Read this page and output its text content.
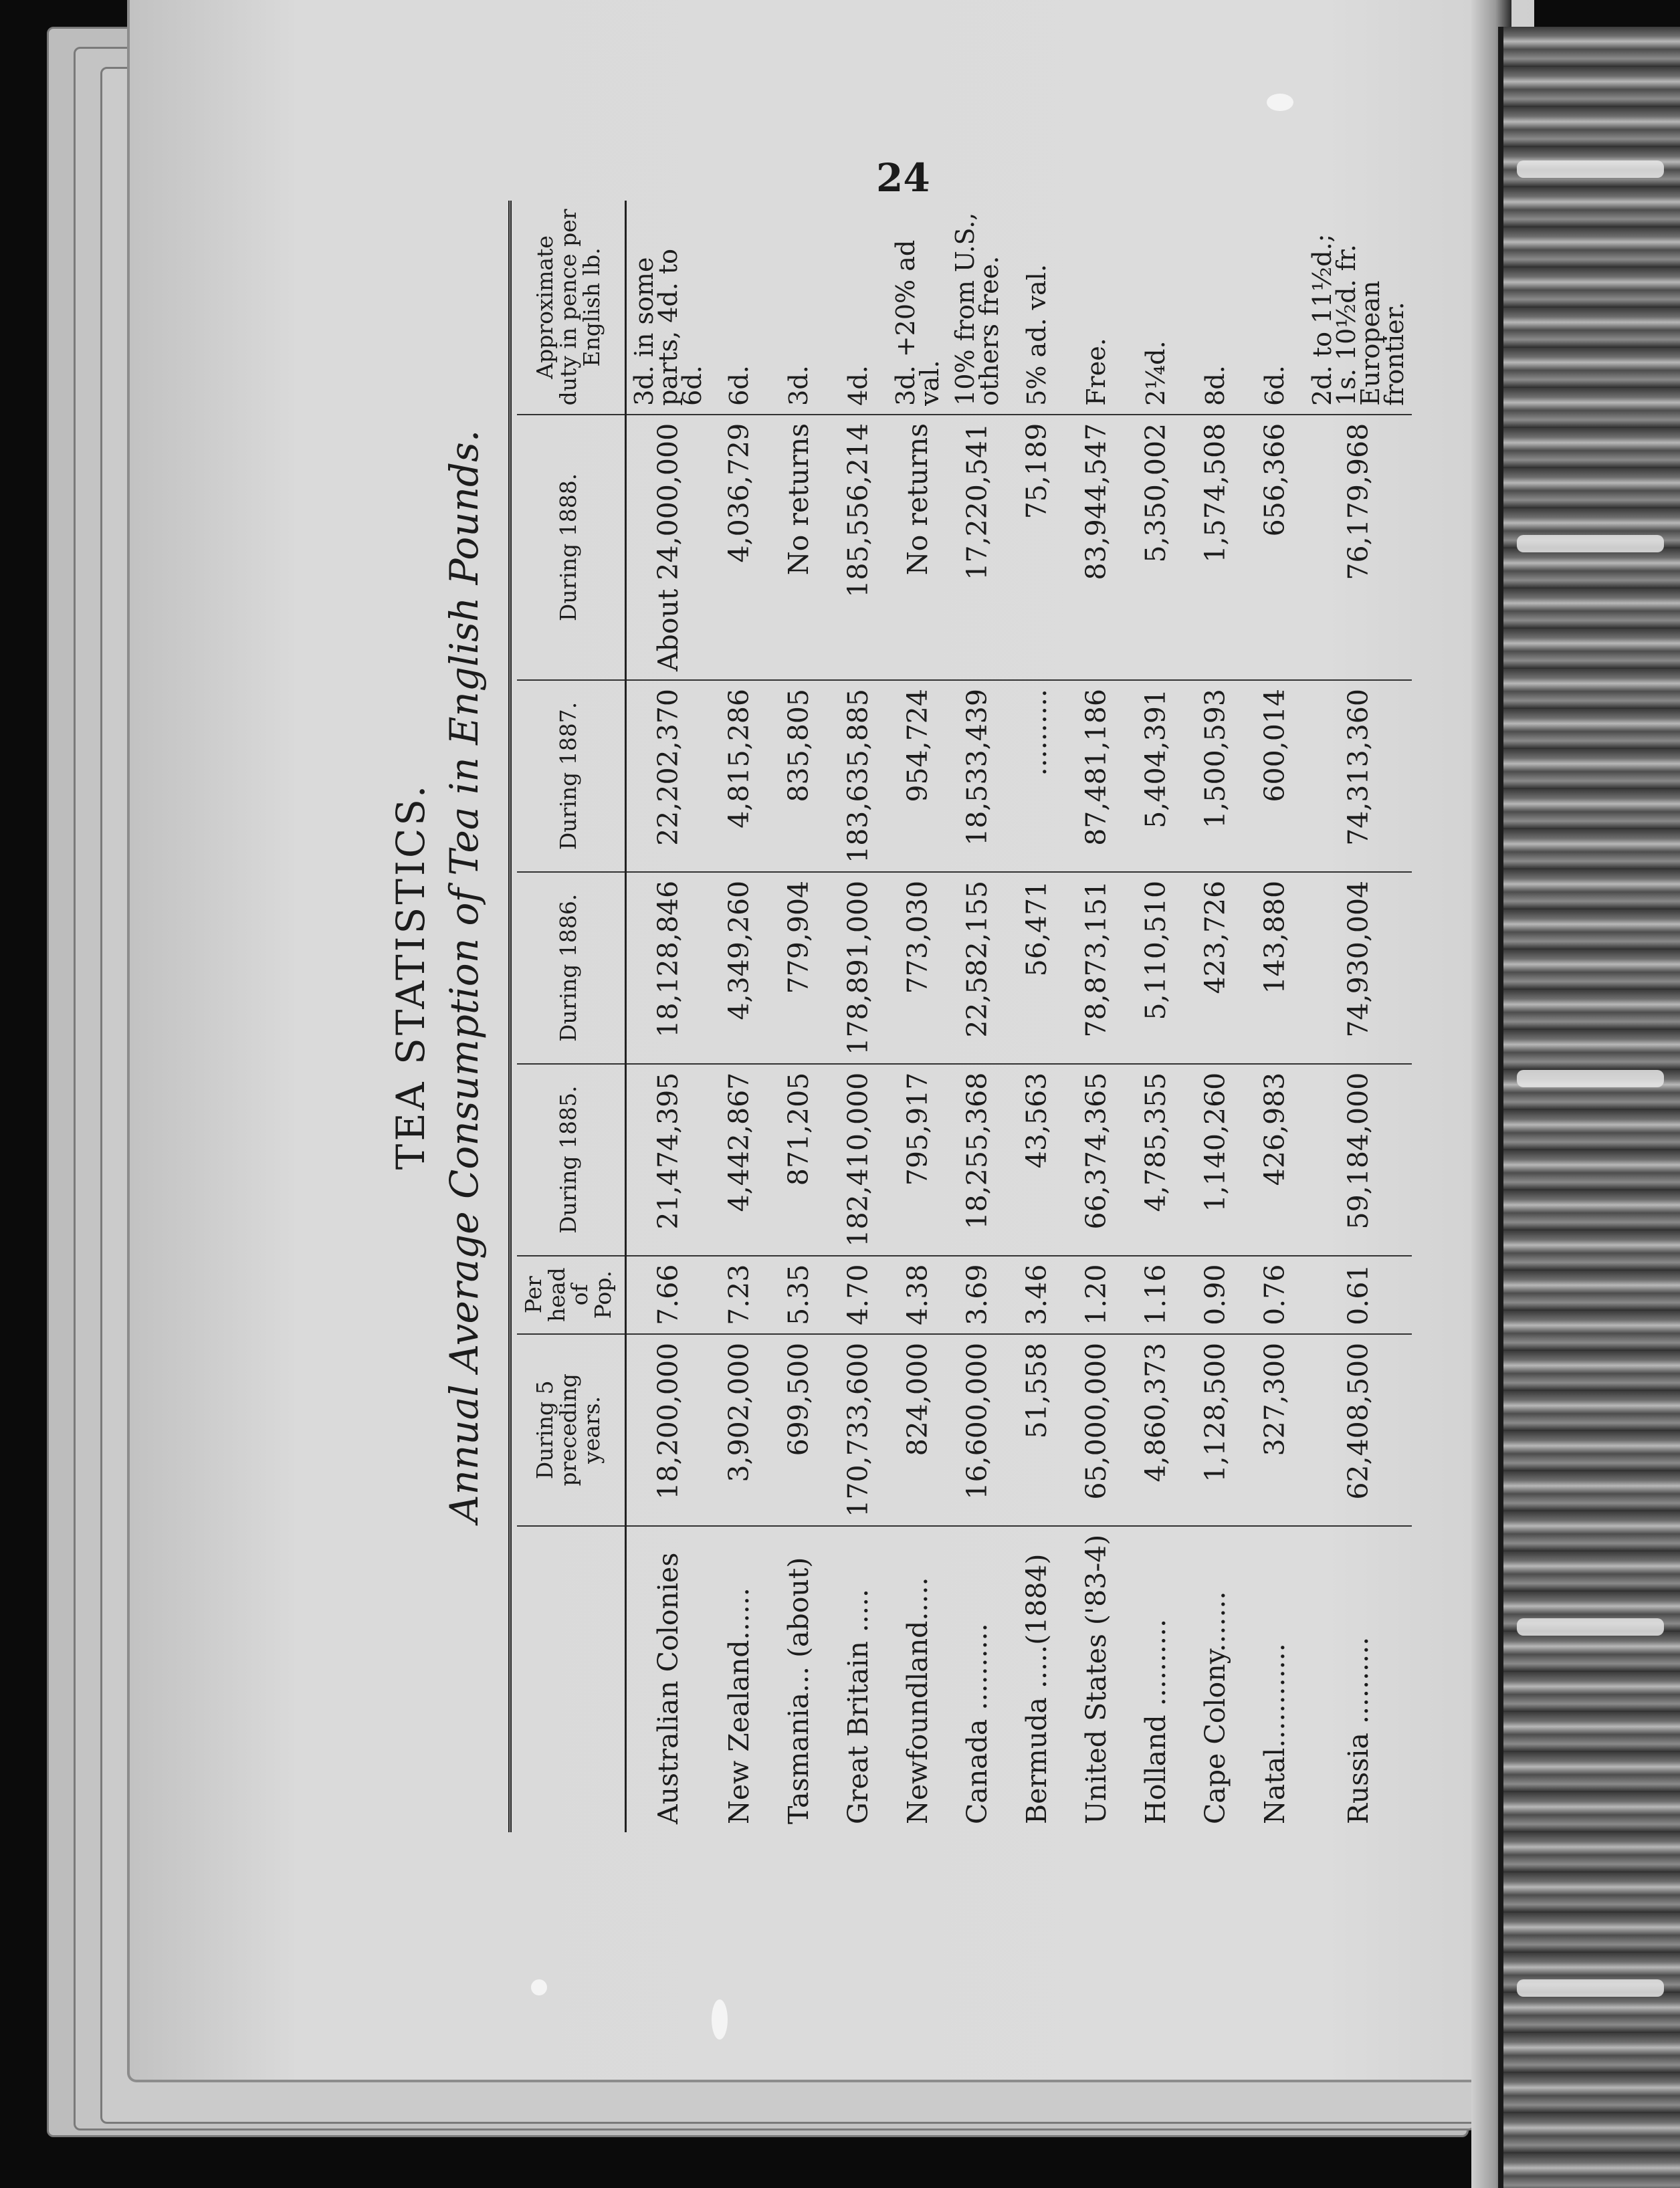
24
TEA STATISTICS. Annual Average Consumption of Tea in English Pounds.
	During 5 preceding years.	Per head of Pop.	During 1885.	During 1886.	During 1887.	During 1888.	Approximate duty in pence per English lb.
Australian Colonies	18,200,000	7.66	21,474,395	18,128,846	22,202,370	About 24,000,000	3d. in some parts, 4d. to 6d.
New Zealand......	3,902,000	7.23	4,442,867	4,349,260	4,815,286	4,036,729	6d.
Tasmania... (about)	699,500	5.35	871,205	779,904	835,805	No returns	3d.
Great Britain .....	170,733,600	4.70	182,410,000	178,891,000	183,635,885	185,556,214	4d.
Newfoundland.....	824,000	4.38	795,917	773,030	954,724	No returns	3d. +20% ad val.
Canada ..........	16,600,000	3.69	18,255,368	22,582,155	18,533,439	17,220,541	10% from U.S., others free.
Bermuda .....(1884)	51,558	3.46	43,563	56,471	..........	75,189	5% ad. val.
United States ('83-4)	65,000,000	1.20	66,374,365	78,873,151	87,481,186	83,944,547	Free.
Holland ..........	4,860,373	1.16	4,785,355	5,110,510	5,404,391	5,350,002	2¼d.
Cape Colony.......	1,128,500	0.90	1,140,260	423,726	1,500,593	1,574,508	8d.
Natal............	327,300	0.76	426,983	143,880	600,014	656,366	6d.
Russia ..........	62,408,500	0.61	59,184,000	74,930,004	74,313,360	76,179,968	2d. to 11½d.; 1s. 10½d. fr. European frontier.
